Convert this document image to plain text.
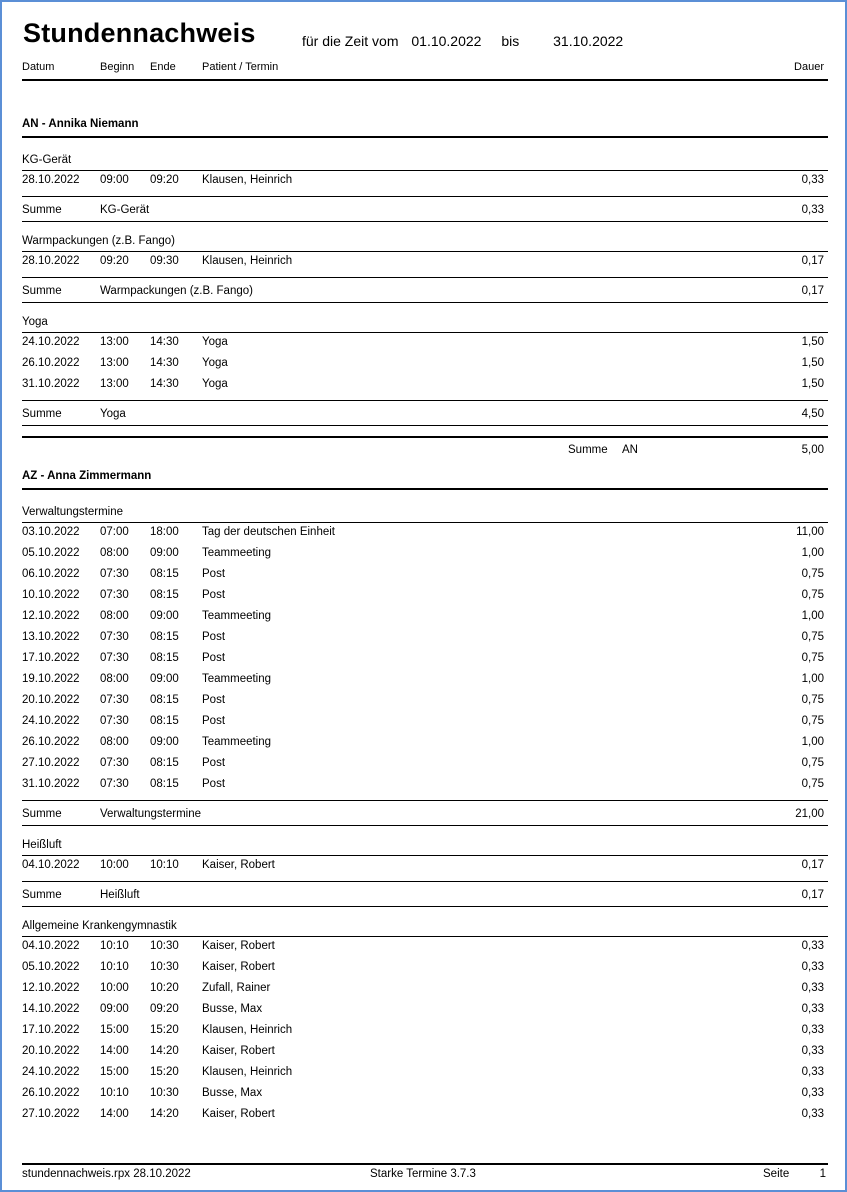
Stundennachweis	für die Zeit vom 01.10.2022 bis 31.10.2022
Datum	Beginn Ende Patient / Termin	Dauer
AN - Annika Niemann
KG-Gerät
28.10.2022 09:00 09:20 Klausen, Heinrich	0,33
Summe	KG-Gerät	0,33
Warmpackungen (z.B. Fango)
28.10.2022 09:20 09:30 Klausen, Heinrich	0,17
Summe	Warmpackungen (z.B. Fango)	0,17
Yoga
24.10.2022 13:00 14:30 Yoga	1,50
26.10.2022 13:00 14:30 Yoga	1,50
31.10.2022 13:00 14:30 Yoga	1,50
Summe	Yoga	4,50
Summe AN	5,00
AZ - Anna Zimmermann
Verwaltungstermine
03.10.2022 07:00 18:00 Tag der deutschen Einheit	11,00
05.10.2022 08:00 09:00 Teammeeting	1,00
06.10.2022 07:30 08:15 Post	0,75
10.10.2022 07:30 08:15 Post	0,75
12.10.2022 08:00 09:00 Teammeeting	1,00
13.10.2022 07:30 08:15 Post	0,75
17.10.2022 07:30 08:15 Post	0,75
19.10.2022 08:00 09:00 Teammeeting	1,00
20.10.2022 07:30 08:15 Post	0,75
24.10.2022 07:30 08:15 Post	0,75
26.10.2022 08:00 09:00 Teammeeting	1,00
27.10.2022 07:30 08:15 Post	0,75
31.10.2022 07:30 08:15 Post	0,75
Summe	Verwaltungstermine	21,00
Heißluft
04.10.2022 10:00 10:10 Kaiser, Robert	0,17
Summe	Heißluft	0,17
Allgemeine Krankengymnastik
04.10.2022 10:10 10:30 Kaiser, Robert	0,33
05.10.2022 10:10 10:30 Kaiser, Robert	0,33
12.10.2022 10:00 10:20 Zufall, Rainer	0,33
14.10.2022 09:00 09:20 Busse, Max	0,33
17.10.2022 15:00 15:20 Klausen, Heinrich	0,33
20.10.2022 14:00 14:20 Kaiser, Robert	0,33
24.10.2022 15:00 15:20 Klausen, Heinrich	0,33
26.10.2022 10:10 10:30 Busse, Max	0,33
27.10.2022 14:00 14:20 Kaiser, Robert	0,33
stundennachweis.rpx 28.10.2022	Starke Termine 3.7.3	Seite	1
